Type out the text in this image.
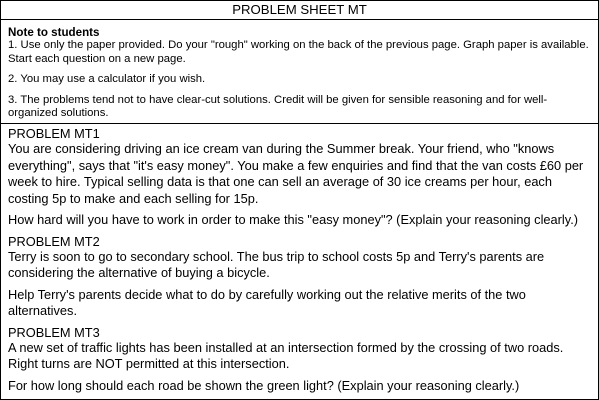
PROBLEM SHEET MT
Note to students

1. Use only the paper provided. Do your "rough" working on the back of the previous page. Graph paper is available. Start each question on a new page.

2. You may use a calculator if you wish.

3. The problems tend not to have clear-cut solutions. Credit will be given for sensible reasoning and for well-organized solutions.

PROBLEM MT1

You are considering driving an ice cream van during the Summer break. Your friend, who "knows everything", says that "it's easy money". You make a few enquiries and find that the van costs £60 per week to hire. Typical selling data is that one can sell an average of 30 ice creams per hour, each costing 5p to make and each selling for 15p.

How hard will you have to work in order to make this "easy money"? (Explain your reasoning clearly.)

PROBLEM MT2

Terry is soon to go to secondary school. The bus trip to school costs 5p and Terry's parents are considering the alternative of buying a bicycle.

Help Terry's parents decide what to do by carefully working out the relative merits of the two alternatives.

PROBLEM MT3

A new set of traffic lights has been installed at an intersection formed by the crossing of two roads. Right turns are NOT permitted at this intersection.

For how long should each road be shown the green light? (Explain your reasoning clearly.)
